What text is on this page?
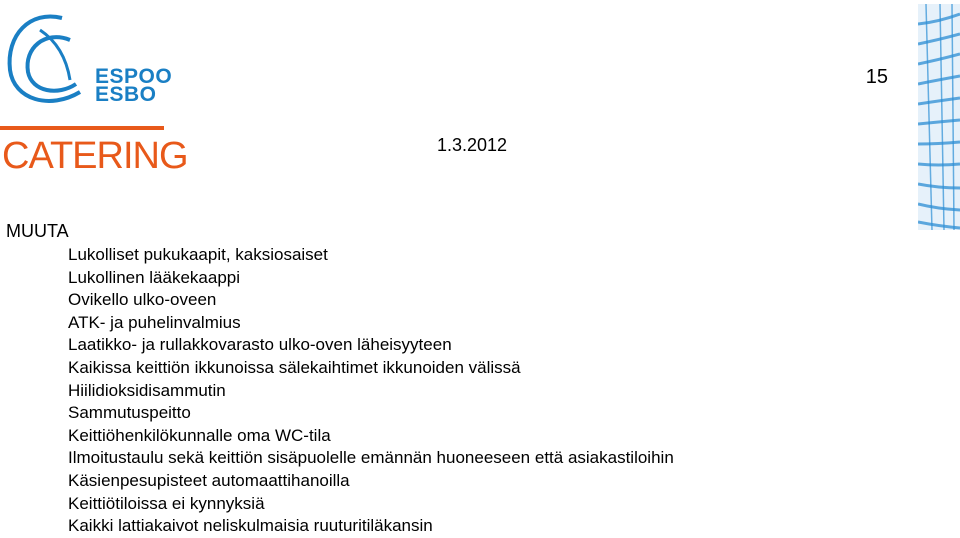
ESPOO
ESBO
CATERING
15
1.3.2012
MUUTA
Lukolliset pukukaapit, kaksiosaiset
Lukollinen lääkekaappi
Ovikello ulko-oveen
ATK- ja puhelinvalmius
Laatikko- ja rullakkovarasto ulko-oven läheisyyteen
Kaikissa keittiön ikkunoissa sälekaihtimet ikkunoiden välissä
Hiilidioksidisammutin
Sammutuspeitto
Keittiöhenkilökunnalle oma WC-tila
Ilmoitustaulu sekä keittiön sisäpuolelle emännän huoneeseen että asiakastiloihin
Käsienpesupisteet automaattihanoilla
Keittiötiloissa ei kynnyksiä
Kaikki lattiakaivot neliskulmaisia ruuturitiläkansin
